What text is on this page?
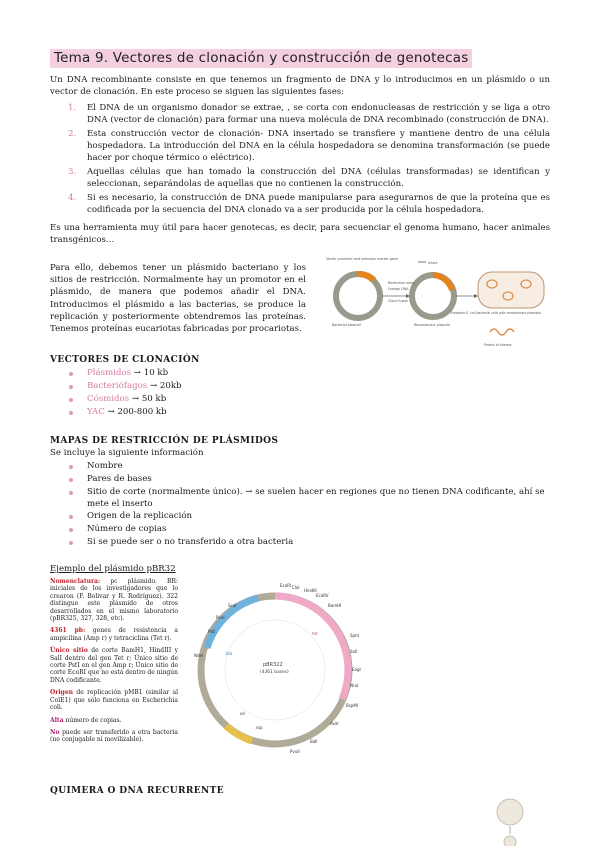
Tema 9. Vectores de clonación y construcción de genotecas
Un DNA recombinante consiste en que tenemos un fragmento de DNA y lo introducimos en un plásmido o un vector de clonación. En este proceso se siguen las siguientes fases:
1. El DNA de un organismo donador se extrae, , se corta con endonucleasas de restricción y se liga a otro DNA (vector de clonación) para formar una nueva molécula de DNA recombinado (construcción de DNA).
2. Esta construcción vector de clonación- DNA insertado se transfiere y mantiene dentro de una célula hospedadora. La introducción del DNA en la célula hospedadora se denomina transformación (se puede hacer por choque térmico o eléctrico).
3. Aquellas células que han tomado la construcción del DNA (células transformadas) se identifican y seleccionan, separándolas de aquellas que no contienen la construcción.
4. Si es necesario, la construcción de DNA puede manipularse para asegurarnos de que la proteína que es codificada por la secuencia del DNA clonado va a ser producida por la célula hospedadora.
Es una herramienta muy útil para hacer genotecas, es decir, para secuenciar el genoma humano, hacer animales transgénicos…
Para ello, debemos tener un plásmido bacteriano y los sitios de restricción. Normalmente hay un promotor en el plásmido, de manera que podemos añadir el DNA. Introducimos el plásmido a las bacterias, se produce la replicación y posteriormente obtendremos las proteínas. Tenemos proteínas eucariotas fabricadas por procariotas.
Vector promoter and selection marker gene
Restriction sites
Foreign DNA
Clone fusion
Recombinant plasmid
Insert
Bacterial plasmid
Transform E. coli bacterial cells with recombinant plasmids
Protein of interest
VECTORES DE CLONACIÓN
Plásmidos → 10 kb
Bacteriófagos → 20kb
Cósmidos → 50 kb
YAC → 200-800 kb
MAPAS DE RESTRICCIÓN DE PLÁSMIDOS
Se incluye la siguiente información
Nombre
Pares de bases
Sitio de corte (normalmente único). → se suelen hacer en regiones que no tienen DNA codificante, ahí se mete el inserto
Origen de la replicación
Número de copias
Si se puede ser o no transferido a otra bacteria
Ejemplo del plásmido pBR32
Nomenclatura: pc plásmido. BR: iniciales de los investigadores que lo crearon (F. Bolivar y R. Rodríguez). 322 distingue este plásmido de otros desarrollados en el mismo laboratorio (pBR325, 327, 328, etc).
4361 pb: genes de resistencia a ampicilina (Amp r) y tetraciclina (Tet r).
Único sitio de corte BamH1, HindIII y SalI dentro del gen Tet r; Único sitio de corte PstI en el gen Amp r; Único sitio de corte EcoRI que no está dentro de ningún DNA codificante.
Origen de replicación pMB1 (similar al ColE1) que sólo funciona en Escherichia coli.
Alta número de copias.
No puede ser transferido a otra bacteria (no conjugable ni movilizable).
pBR322
(4361 bases)
EcoRI ClaI
HindIII
EcoRV
BamHI
SphI
SalI
EagI
NruI
BspMI
PstI
PvuI
ScaI
AvaI
BalI
PvuII
NdeI
tet
bla
ori
rop
QUIMERA O DNA RECURRENTE
